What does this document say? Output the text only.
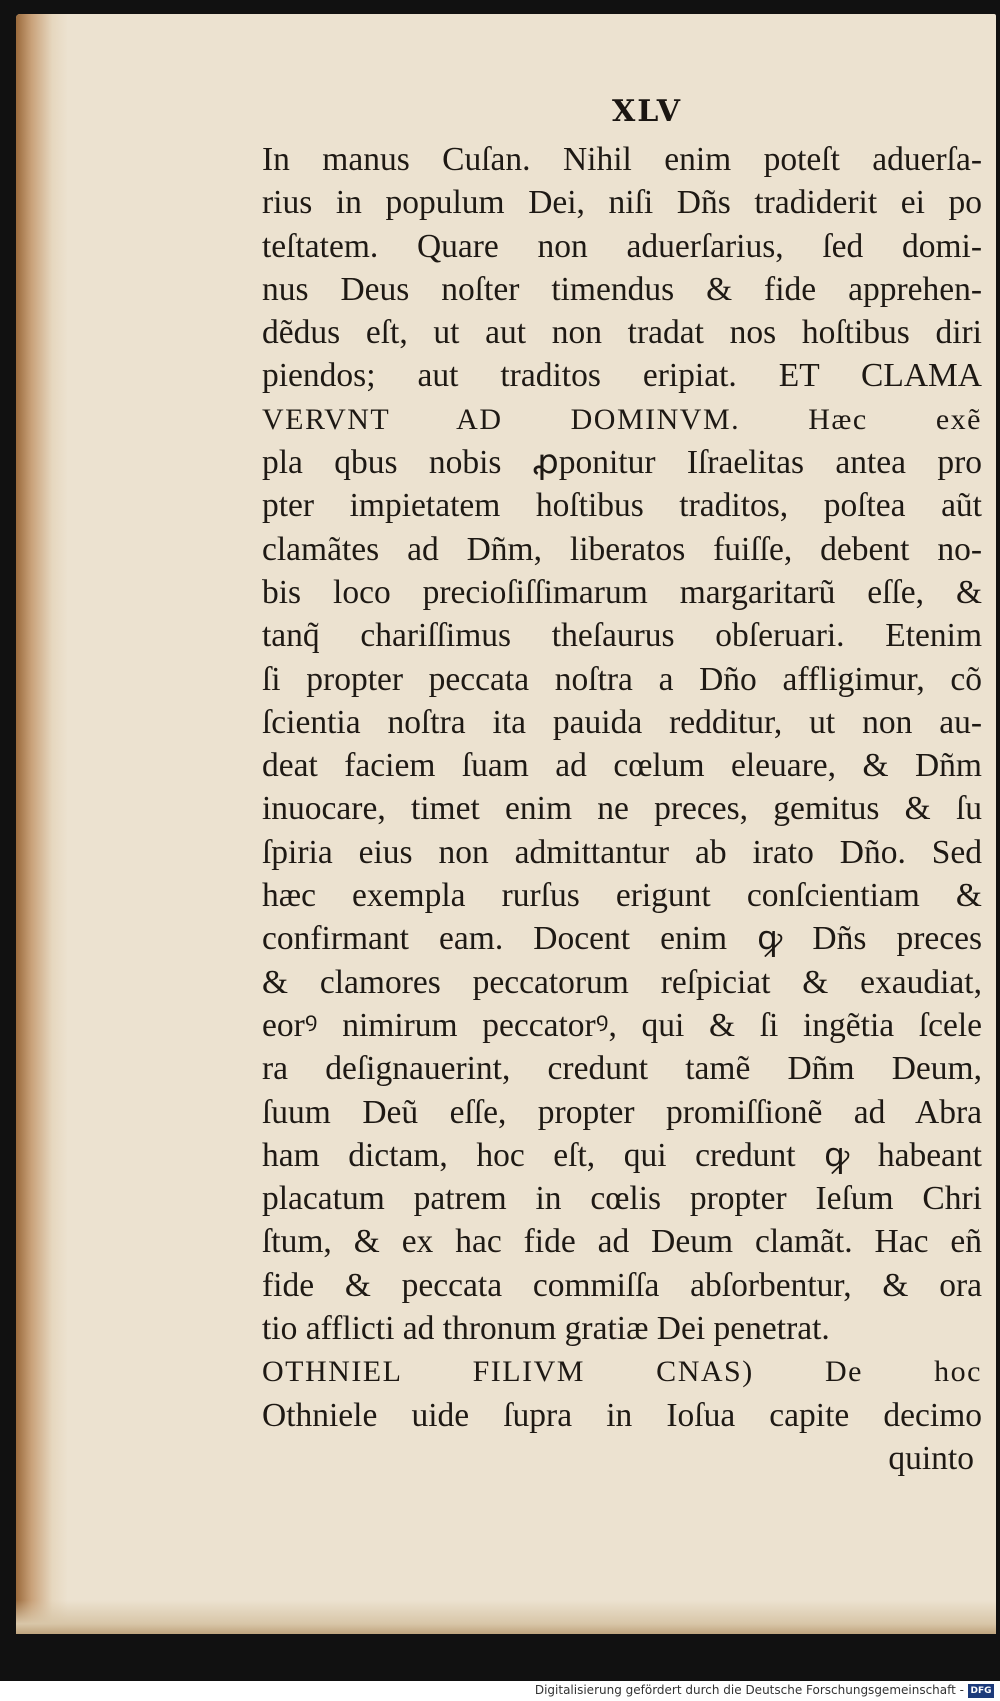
XLV
In manus Cuſan. Nihil enim poteſt aduerſa-
rius in populum Dei, niſi Dñs tradiderit ei po
teſtatem. Quare non aduerſarius, ſed domi-
nus Deus noſter timendus & fide apprehen-
dẽdus eſt, ut aut non tradat nos hoſtibus diri
piendos; aut traditos eripiat. ET CLAMA
VERVNT AD DOMINVM. Hæc exẽ
pla qbus nobis ꝓponitur Iſraelitas antea pro
pter impietatem hoſtibus traditos, poſtea aũt
clamãtes ad Dñm, liberatos fuiſſe, debent no-
bis loco precioſiſſimarum margaritarũ eſſe, &
tanq̃ chariſſimus theſaurus obſeruari. Etenim
ſi propter peccata noſtra a Dño affligimur, cõ
ſcientia noſtra ita pauida redditur, ut non au-
deat faciem ſuam ad cœlum eleuare, & Dñm
inuocare, timet enim ne preces, gemitus & ſu
ſpiria eius non admittantur ab irato Dño. Sed
hæc exempla rurſus erigunt conſcientiam &
confirmant eam. Docent enim ꝙ Dñs preces
& clamores peccatorum reſpiciat & exaudiat,
eorꝰ nimirum peccatorꝰ, qui & ſi ingẽtia ſcele
ra deſignauerint, credunt tamẽ Dñm Deum,
ſuum Deũ eſſe, propter promiſſionẽ ad Abra
ham dictam, hoc eſt, qui credunt ꝙ habeant
placatum patrem in cœlis propter Ieſum Chri
ſtum, & ex hac fide ad Deum clamãt. Hac eñ
fide & peccata commiſſa abſorbentur, & ora
tio afflicti ad thronum gratiæ Dei penetrat.
OTHNIEL FILIVM CNAS) De hoc
Othniele uide ſupra in Ioſua capite decimo
quinto
Digitalisierung gefördert durch die Deutsche Forschungsgemeinschaft - DFG
